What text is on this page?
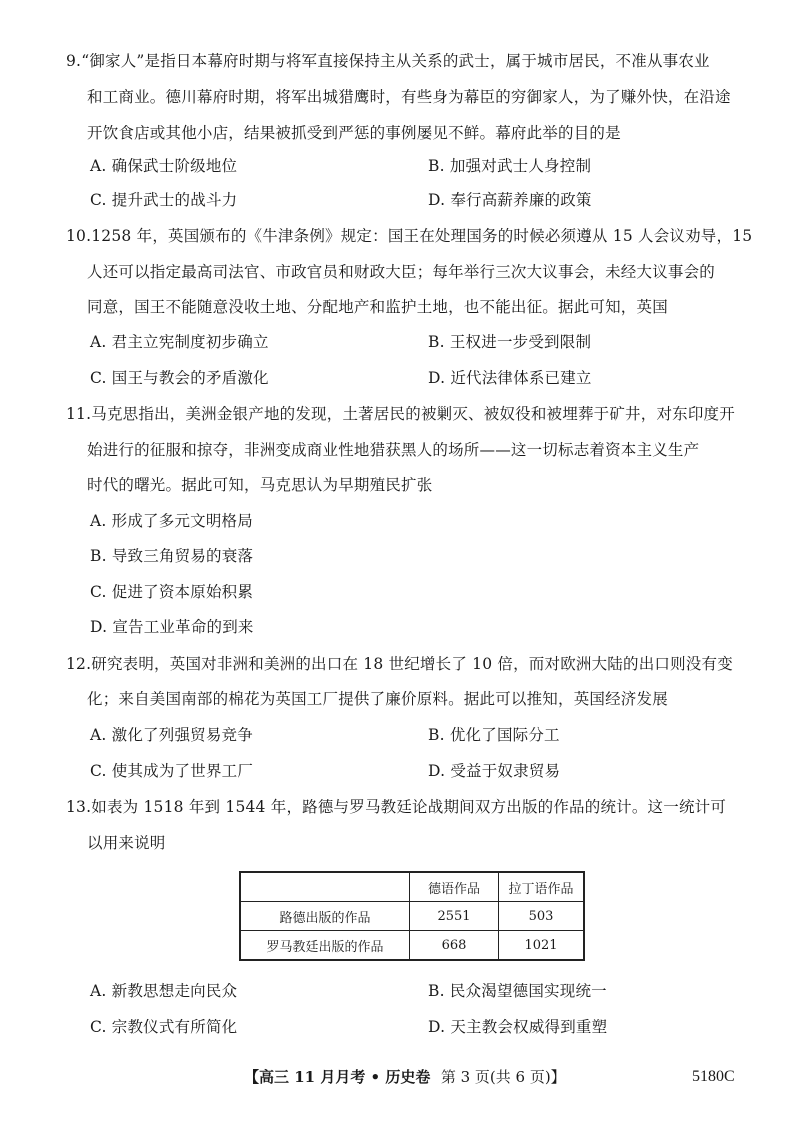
9.“御家人”是指日本幕府时期与将军直接保持主从关系的武士，属于城市居民，不准从事农业
和工商业。德川幕府时期，将军出城猎鹰时，有些身为幕臣的穷御家人，为了赚外快，在沿途
开饮食店或其他小店，结果被抓受到严惩的事例屡见不鲜。幕府此举的目的是
A. 确保武士阶级地位	B. 加强对武士人身控制
C. 提升武士的战斗力	D. 奉行高薪养廉的政策
10.1258 年，英国颁布的《牛津条例》规定：国王在处理国务的时候必须遵从 15 人会议劝导，15
人还可以指定最高司法官、市政官员和财政大臣；每年举行三次大议事会，未经大议事会的
同意，国王不能随意没收土地、分配地产和监护土地，也不能出征。据此可知，英国
A. 君主立宪制度初步确立	B. 王权进一步受到限制
C. 国王与教会的矛盾激化	D. 近代法律体系已建立
11.马克思指出，美洲金银产地的发现，土著居民的被剿灭、被奴役和被埋葬于矿井，对东印度开
始进行的征服和掠夺，非洲变成商业性地猎获黑人的场所——这一切标志着资本主义生产
时代的曙光。据此可知，马克思认为早期殖民扩张
A. 形成了多元文明格局
B. 导致三角贸易的衰落
C. 促进了资本原始积累
D. 宣告工业革命的到来
12.研究表明，英国对非洲和美洲的出口在 18 世纪增长了 10 倍，而对欧洲大陆的出口则没有变
化；来自美国南部的棉花为英国工厂提供了廉价原料。据此可以推知，英国经济发展
A. 激化了列强贸易竞争	B. 优化了国际分工
C. 使其成为了世界工厂	D. 受益于奴隶贸易
13.如表为 1518 年到 1544 年，路德与罗马教廷论战期间双方出版的作品的统计。这一统计可
以用来说明
	德语作品	拉丁语作品
路德出版的作品	2551	503
罗马教廷出版的作品	668	1021
A. 新教思想走向民众	B. 民众渴望德国实现统一
C. 宗教仪式有所简化	D. 天主教会权威得到重塑
【高三 11 月月考 • 历史卷 第 3 页(共 6 页)】	5180C
